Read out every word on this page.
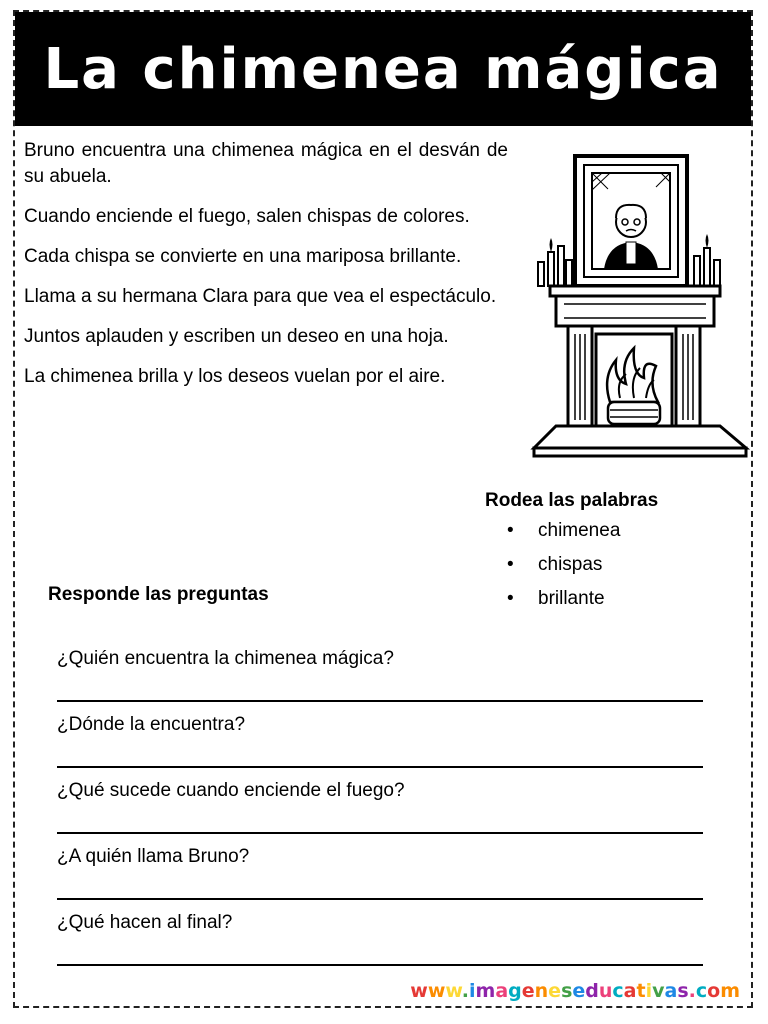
La chimenea mágica

Bruno encuentra una chimenea mágica en el desván de su abuela.

Cuando enciende el fuego, salen chispas de colores.

Cada chispa se convierte en una mariposa brillante.

Llama a su hermana Clara para que vea el espectáculo.

Juntos aplauden y escriben un deseo en una hoja.

La chimenea brilla y los deseos vuelan por el aire.

Rodea las palabras
• chimenea
• chispas
• brillante
Responde las preguntas
¿Quién encuentra la chimenea mágica?
¿Dónde la encuentra?
¿Qué sucede cuando enciende el fuego?
¿A quién llama Bruno?
¿Qué hacen al final?
www.imageneseducativas.com
